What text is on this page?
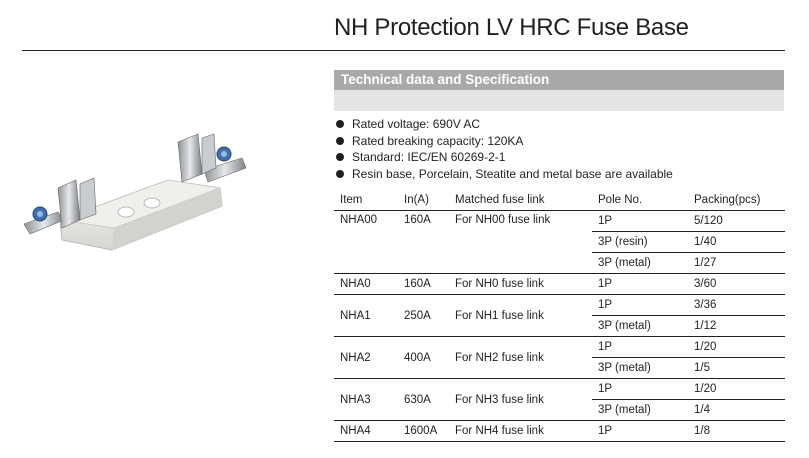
NH Protection LV HRC Fuse Base
Technical data and Specification
Rated voltage: 690V AC
Rated breaking capacity: 120KA
Standard: IEC/EN 60269-2-1
Resin base, Porcelain, Steatite and metal base are available
Item	In(A)	Matched fuse link	Pole No.	Packing(pcs)
NHA00	160A	For NH00 fuse link	1P	5/120
			3P (resin)	1/40
			3P (metal)	1/27
NHA0	160A	For NH0 fuse link	1P	3/60
NHA1	250A	For NH1 fuse link	1P	3/36
			3P (metal)	1/12
NHA2	400A	For NH2 fuse link	1P	1/20
			3P (metal)	1/5
NHA3	630A	For NH3 fuse link	1P	1/20
			3P (metal)	1/4
NHA4	1600A	For NH4 fuse link	1P	1/8
